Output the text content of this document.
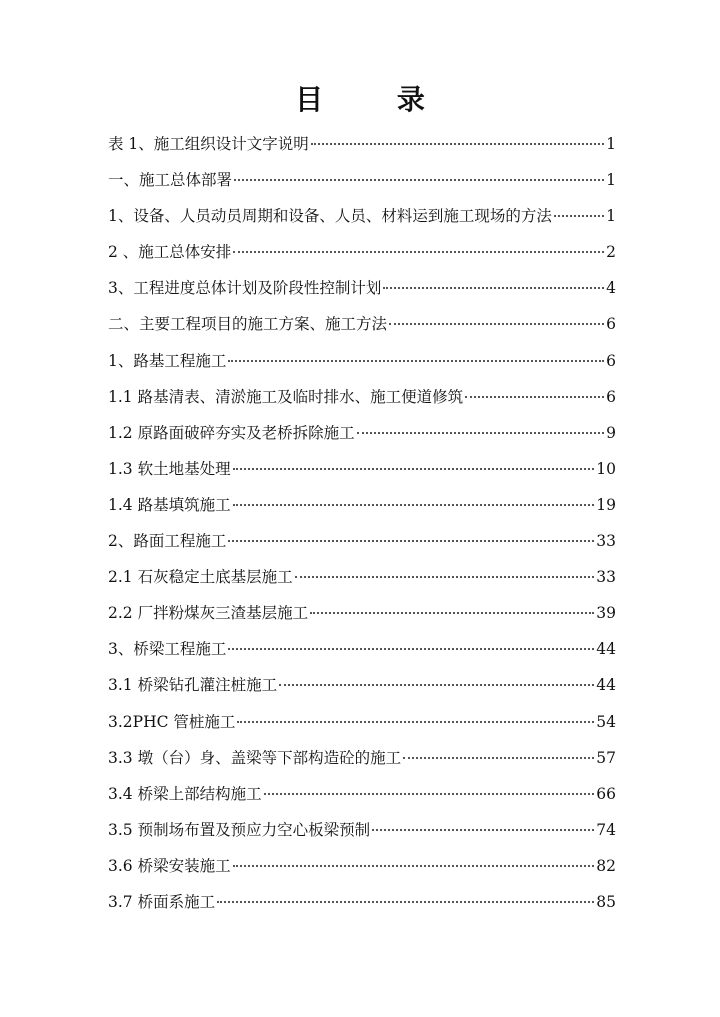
目 录
表 1、施工组织设计文字说明	1
一、施工总体部署	1
1、设备、人员动员周期和设备、人员、材料运到施工现场的方法	1
2 、施工总体安排	2
3、工程进度总体计划及阶段性控制计划	4
二、主要工程项目的施工方案、施工方法	6
1、路基工程施工	6
1.1 路基清表、清淤施工及临时排水、施工便道修筑	6
1.2 原路面破碎夯实及老桥拆除施工	9
1.3 软土地基处理	10
1.4 路基填筑施工	19
2、路面工程施工	33
2.1 石灰稳定土底基层施工	33
2.2 厂拌粉煤灰三渣基层施工	39
3、桥梁工程施工	44
3.1 桥梁钻孔灌注桩施工	44
3.2PHC 管桩施工	54
3.3 墩（台）身、盖梁等下部构造砼的施工	57
3.4 桥梁上部结构施工	66
3.5 预制场布置及预应力空心板梁预制	74
3.6 桥梁安装施工	82
3.7 桥面系施工	85
